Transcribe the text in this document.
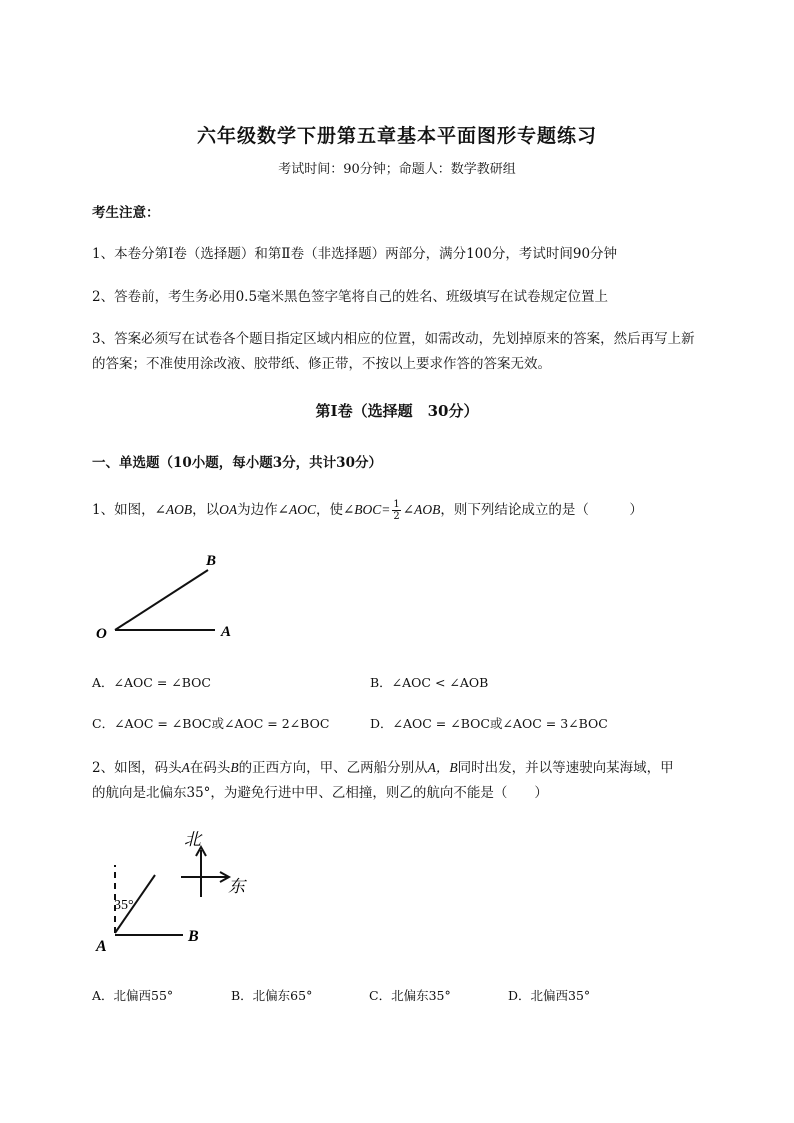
六年级数学下册第五章基本平面图形专题练习
考试时间：90分钟；命题人：数学教研组
考生注意：
1、本卷分第I卷（选择题）和第Ⅱ卷（非选择题）两部分，满分100分，考试时间90分钟
2、答卷前，考生务必用0.5毫米黑色签字笔将自己的姓名、班级填写在试卷规定位置上
3、答案必须写在试卷各个题目指定区域内相应的位置，如需改动，先划掉原来的答案，然后再写上新
的答案；不准使用涂改液、胶带纸、修正带，不按以上要求作答的答案无效。
第I卷（选择题　30分）
一、单选题（10小题，每小题3分，共计30分）
1、如图，∠AOB，以OA为边作∠AOC，使∠BOC= $\frac{1}{2}$ ∠AOB，则下列结论成立的是（　　　）
O	A
B
A．∠AOC = ∠BOC	B．∠AOC < ∠AOB
C．∠AOC = ∠BOC或∠AOC = 2∠BOC	D．∠AOC = ∠BOC或∠AOC = 3∠BOC
2、如图，码头A在码头B的正西方向，甲、乙两船分别从A，B同时出发，并以等速驶向某海域，甲
的航向是北偏东35°，为避免行进中甲、乙相撞，则乙的航向不能是（　　）
北
东
35°
A
B
A．北偏西55°	B．北偏东65°	C．北偏东35°	D．北偏西35°
